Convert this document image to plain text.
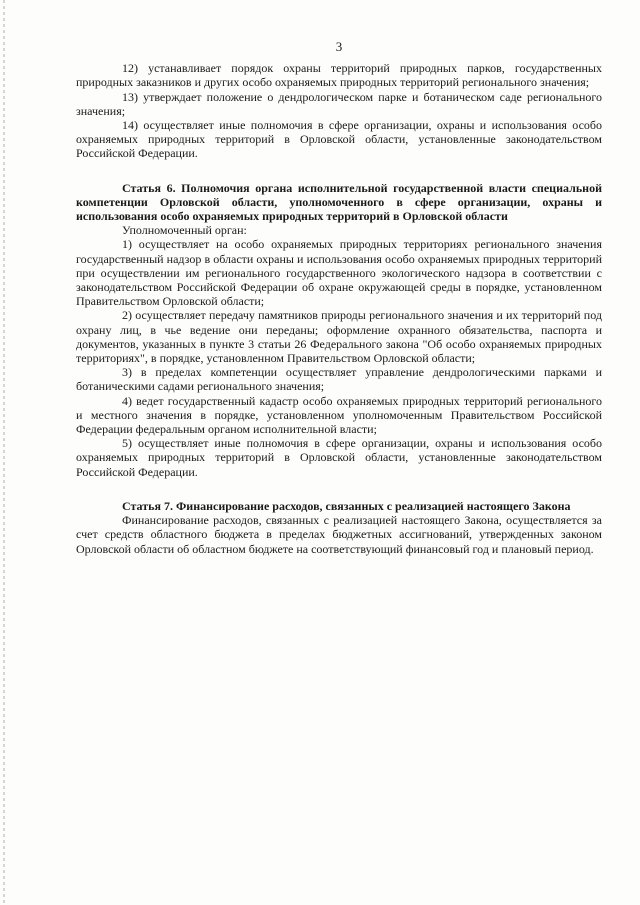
3

12) устанавливает порядок охраны территорий природных парков, государственных природных заказников и других особо охраняемых природных территорий регионального значения;

13) утверждает положение о дендрологическом парке и ботаническом саде регионального значения;

14) осуществляет иные полномочия в сфере организации, охраны и использования особо охраняемых природных территорий в Орловской области, установленные законодательством Российской Федерации.

Статья 6. Полномочия органа исполнительной государственной власти специальной компетенции Орловской области, уполномоченного в сфере организации, охраны и использования особо охраняемых природных территорий в Орловской области

Уполномоченный орган:

1) осуществляет на особо охраняемых природных территориях регионального значения государственный надзор в области охраны и использования особо охраняемых природных территорий при осуществлении им регионального государственного экологического надзора в соответствии с законодательством Российской Федерации об охране окружающей среды в порядке, установленном Правительством Орловской области;

2) осуществляет передачу памятников природы регионального значения и их территорий под охрану лиц, в чье ведение они переданы; оформление охранного обязательства, паспорта и документов, указанных в пункте 3 статьи 26 Федерального закона "Об особо охраняемых природных территориях", в порядке, установленном Правительством Орловской области;

3) в пределах компетенции осуществляет управление дендрологическими парками и ботаническими садами регионального значения;

4) ведет государственный кадастр особо охраняемых природных территорий регионального и местного значения в порядке, установленном уполномоченным Правительством Российской Федерации федеральным органом исполнительной власти;

5) осуществляет иные полномочия в сфере организации, охраны и использования особо охраняемых природных территорий в Орловской области, установленные законодательством Российской Федерации.

Статья 7. Финансирование расходов, связанных с реализацией настоящего Закона

Финансирование расходов, связанных с реализацией настоящего Закона, осуществляется за счет средств областного бюджета в пределах бюджетных ассигнований, утвержденных законом Орловской области об областном бюджете на соответствующий финансовый год и плановый период.
